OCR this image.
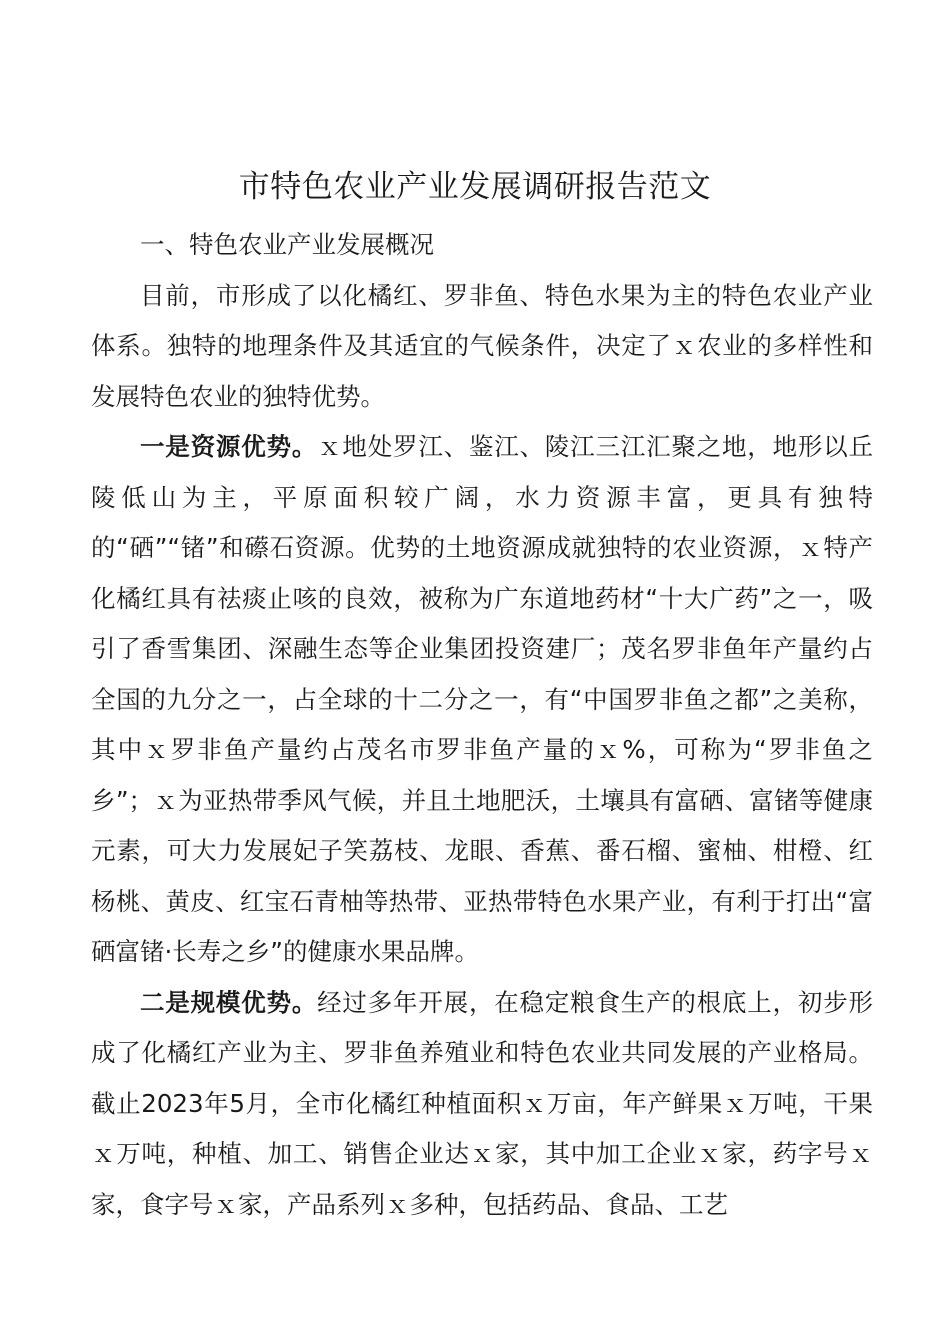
市特色农业产业发展调研报告范文

一、特色农业产业发展概况

目前，市形成了以化橘红、罗非鱼、特色水果为主的特色农业产业体系。独特的地理条件及其适宜的气候条件，决定了ｘ农业的多样性和发展特色农业的独特优势。

一是资源优势。ｘ地处罗江、鉴江、陵江三江汇聚之地，地形以丘陵低山为主，平原面积较广阔，水力资源丰富，更具有独特的“硒”“锗”和礤石资源。优势的土地资源成就独特的农业资源，ｘ特产化橘红具有祛痰止咳的良效，被称为广东道地药材“十大广药”之一，吸引了香雪集团、深融生态等企业集团投资建厂；茂名罗非鱼年产量约占全国的九分之一，占全球的十二分之一，有“中国罗非鱼之都”之美称，其中ｘ罗非鱼产量约占茂名市罗非鱼产量的ｘ%，可称为“罗非鱼之乡”；ｘ为亚热带季风气候，并且土地肥沃，土壤具有富硒、富锗等健康元素，可大力发展妃子笑荔枝、龙眼、香蕉、番石榴、蜜柚、柑橙、红杨桃、黄皮、红宝石青柚等热带、亚热带特色水果产业，有利于打出“富硒富锗·长寿之乡”的健康水果品牌。

二是规模优势。经过多年开展，在稳定粮食生产的根底上，初步形成了化橘红产业为主、罗非鱼养殖业和特色农业共同发展的产业格局。截止2023年5月，全市化橘红种植面积ｘ万亩，年产鲜果ｘ万吨，干果ｘ万吨，种植、加工、销售企业达ｘ家，其中加工企业ｘ家，药字号ｘ家，食字号ｘ家，产品系列ｘ多种，包括药品、食品、工艺
